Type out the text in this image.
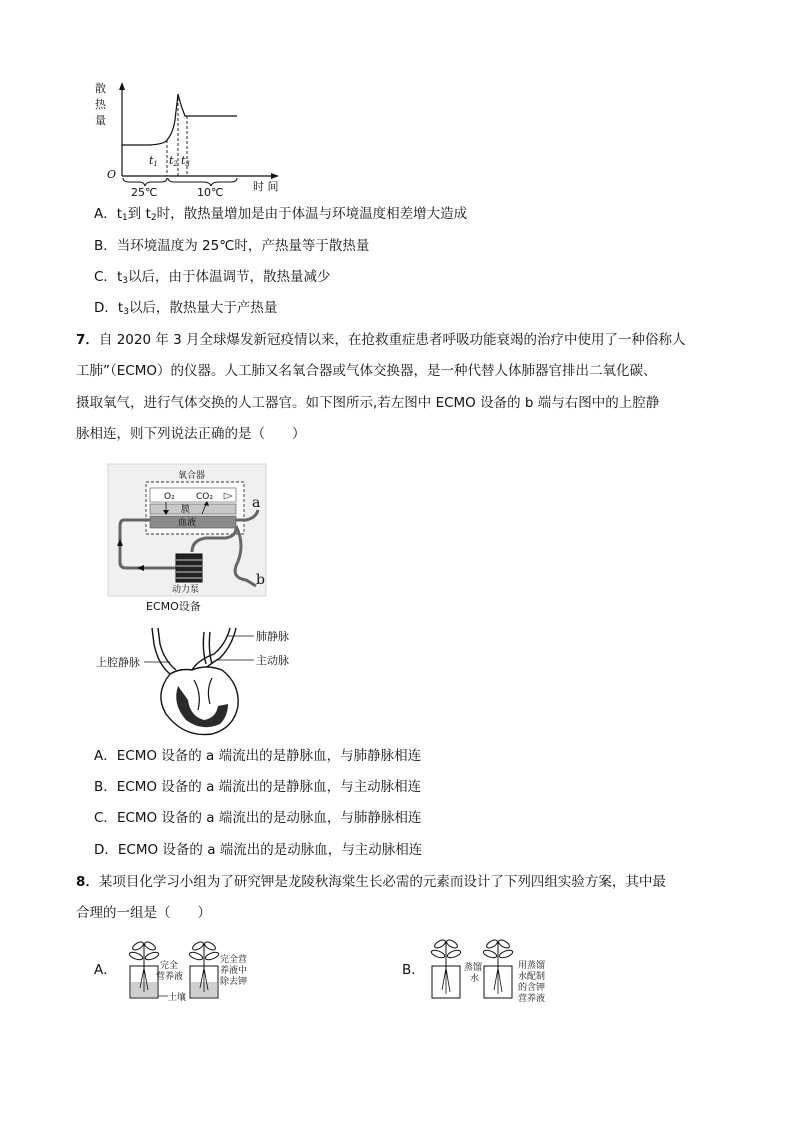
散
热
量
O
t1 t2 t3
25℃	10℃	时 间
A．$t_1$到 $t_2$时，散热量增加是由于体温与环境温度相差增大造成
B．当环境温度为 25℃时，产热量等于散热量
C．$t_3$以后，由于体温调节，散热量减少
D．$t_3$以后，散热量大于产热量
7．自 2020 年 3 月全球爆发新冠疫情以来，在抢救重症患者呼吸功能衰竭的治疗中使用了一种俗称人
工肺”（ECMO）的仪器。人工肺又名氧合器或气体交换器，是一种代替人体肺器官排出二氧化碳、
摄取氧气，进行气体交换的人工器官。如下图所示,若左图中 ECMO 设备的 b 端与右图中的上腔静
脉相连，则下列说法正确的是（　　）
氧合器
O₂ CO₂
膜
血液
动力泵
ECMO设备
a
b
上腔静脉
肺静脉
主动脉
A．ECMO 设备的 a 端流出的是静脉血，与肺静脉相连
B．ECMO 设备的 a 端流出的是静脉血，与主动脉相连
C．ECMO 设备的 a 端流出的是动脉血，与肺静脉相连
D．ECMO 设备的 a 端流出的是动脉血，与主动脉相连
8．某项目化学习小组为了研究钾是龙陵秋海棠生长必需的元素而设计了下列四组实验方案，其中最
合理的一组是（　　）
A．	完全
营养液
完全营
养液中
除去钾
土壤
B．	蒸馏
水
用蒸馏
水配制
的含钾
营养液
